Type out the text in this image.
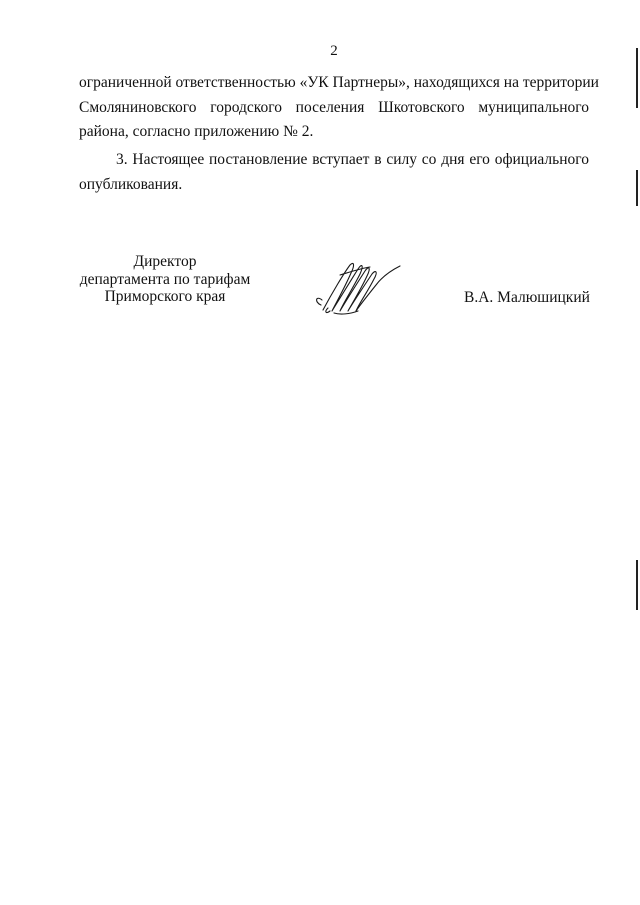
2
ограниченной ответственностью «УК Партнеры», находящихся на территории
Смоляниновского городского поселения Шкотовского муниципального
района, согласно приложению № 2.
3. Настоящее постановление вступает в силу со дня его официального
опубликования.
Директор
департамента по тарифам
Приморского края	В.А. Малюшицкий
